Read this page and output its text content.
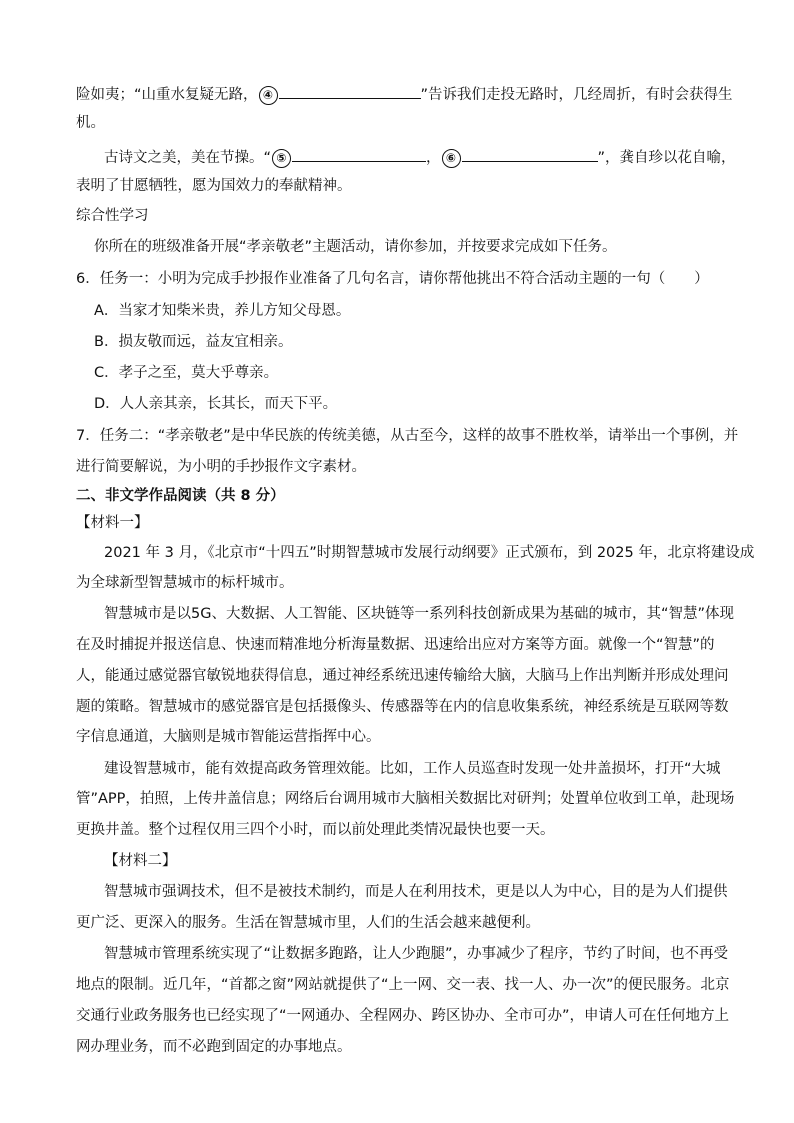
险如夷；“山重水复疑无路， ④	”告诉我们走投无路时，几经周折，有时会获得生
机。
古诗文之美，美在节操。“ ⑤	， ⑥	”，龚自珍以花自喻，
表明了甘愿牺牲，愿为国效力的奉献精神。
综合性学习
你所在的班级准备开展“孝亲敬老”主题活动，请你参加，并按要求完成如下任务。
6．任务一：小明为完成手抄报作业准备了几句名言，请你帮他挑出不符合活动主题的一句（　　）
A．当家才知柴米贵，养儿方知父母恩。
B．损友敬而远，益友宜相亲。
C．孝子之至，莫大乎尊亲。
D．人人亲其亲，长其长，而天下平。
7．任务二：“孝亲敬老”是中华民族的传统美德，从古至今，这样的故事不胜枚举，请举出一个事例，并
进行简要解说，为小明的手抄报作文字素材。
二、非文学作品阅读（共 8 分）
【材料一】
2021 年 3 月，《北京市“十四五”时期智慧城市发展行动纲要》正式颁布，到 2025 年，北京将建设成
为全球新型智慧城市的标杆城市。
智慧城市是以5G、大数据、人工智能、区块链等一系列科技创新成果为基础的城市，其“智慧”体现
在及时捕捉并报送信息、快速而精准地分析海量数据、迅速给出应对方案等方面。就像一个“智慧”的
人，能通过感觉器官敏锐地获得信息，通过神经系统迅速传输给大脑，大脑马上作出判断并形成处理问
题的策略。智慧城市的感觉器官是包括摄像头、传感器等在内的信息收集系统，神经系统是互联网等数
字信息通道，大脑则是城市智能运营指挥中心。
建设智慧城市，能有效提高政务管理效能。比如，工作人员巡查时发现一处井盖损坏，打开“大城
管”APP，拍照，上传井盖信息；网络后台调用城市大脑相关数据比对研判；处置单位收到工单，赴现场
更换井盖。整个过程仅用三四个小时，而以前处理此类情况最快也要一天。
【材料二】
智慧城市强调技术，但不是被技术制约，而是人在利用技术，更是以人为中心，目的是为人们提供
更广泛、更深入的服务。生活在智慧城市里，人们的生活会越来越便利。
智慧城市管理系统实现了“让数据多跑路，让人少跑腿”，办事减少了程序，节约了时间，也不再受
地点的限制。近几年，“首都之窗”网站就提供了“上一网、交一表、找一人、办一次”的便民服务。北京
交通行业政务服务也已经实现了“一网通办、全程网办、跨区协办、全市可办”，申请人可在任何地方上
网办理业务，而不必跑到固定的办事地点。
